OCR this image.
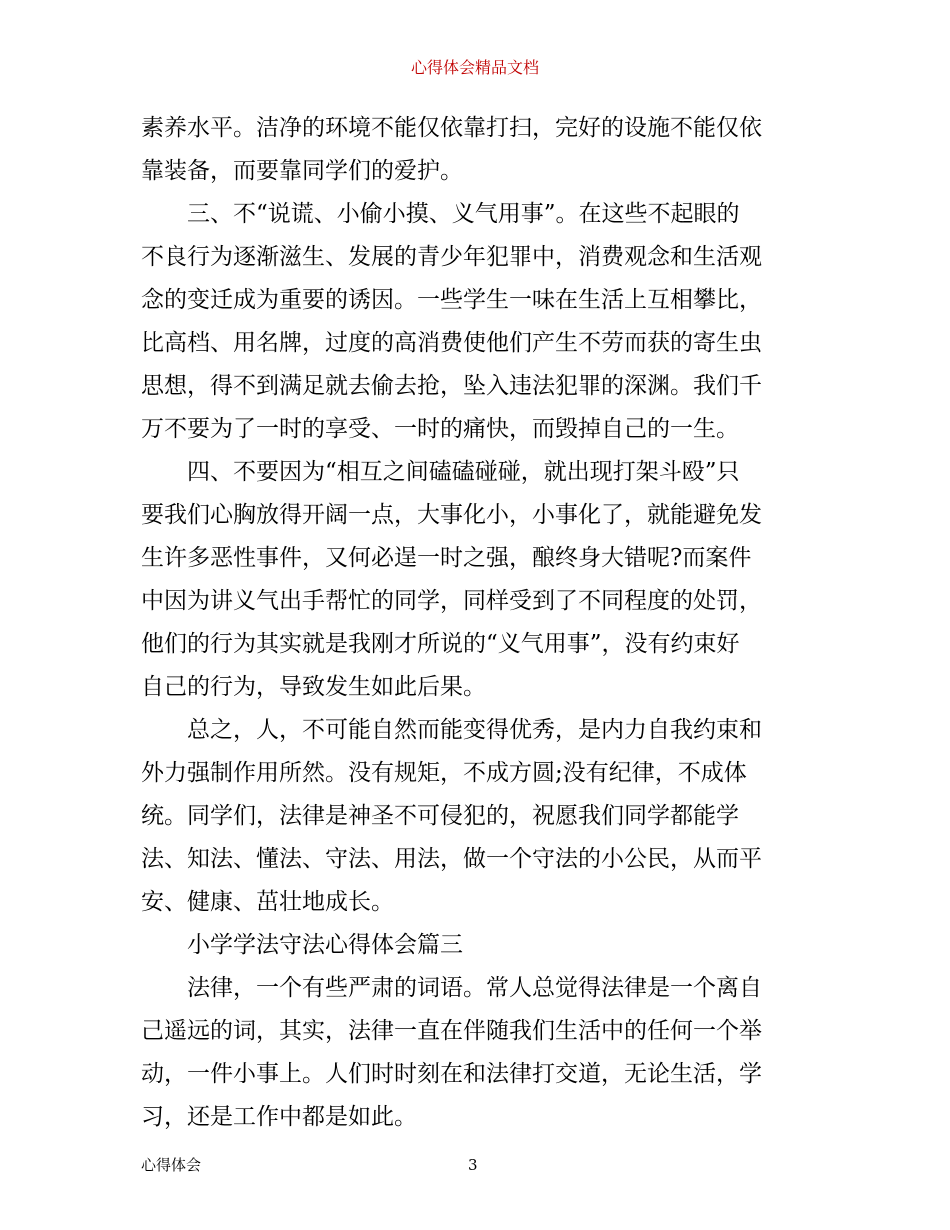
心得体会精品文档
素养水平。洁净的环境不能仅依靠打扫，完好的设施不能仅依
靠装备，而要靠同学们的爱护。
　　三、不“说谎、小偷小摸、义气用事”。在这些不起眼的
不良行为逐渐滋生、发展的青少年犯罪中，消费观念和生活观
念的变迁成为重要的诱因。一些学生一味在生活上互相攀比，
比高档、用名牌，过度的高消费使他们产生不劳而获的寄生虫
思想，得不到满足就去偷去抢，坠入违法犯罪的深渊。我们千
万不要为了一时的享受、一时的痛快，而毁掉自己的一生。
　　四、不要因为“相互之间磕磕碰碰，就出现打架斗殴”只
要我们心胸放得开阔一点，大事化小，小事化了，就能避免发
生许多恶性事件，又何必逞一时之强，酿终身大错呢?而案件
中因为讲义气出手帮忙的同学，同样受到了不同程度的处罚，
他们的行为其实就是我刚才所说的“义气用事”，没有约束好
自己的行为，导致发生如此后果。
　　总之，人，不可能自然而能变得优秀，是内力自我约束和
外力强制作用所然。没有规矩，不成方圆;没有纪律，不成体
统。同学们，法律是神圣不可侵犯的，祝愿我们同学都能学
法、知法、懂法、守法、用法，做一个守法的小公民，从而平
安、健康、茁壮地成长。
　　小学学法守法心得体会篇三
　　法律，一个有些严肃的词语。常人总觉得法律是一个离自
己遥远的词，其实，法律一直在伴随我们生活中的任何一个举
动，一件小事上。人们时时刻在和法律打交道，无论生活，学
习，还是工作中都是如此。
心得体会	3
